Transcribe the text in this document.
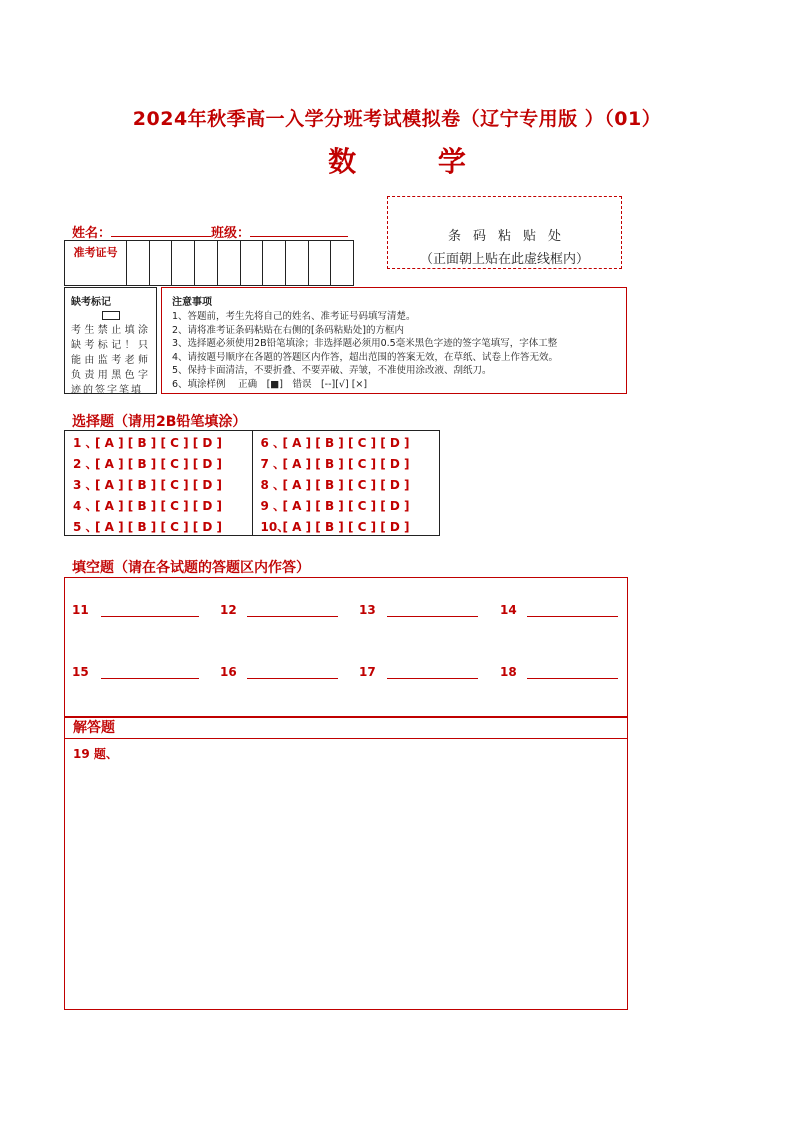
2024年秋季高一入学分班考试模拟卷（辽宁专用版 ）（01）
数 学
姓名：	班级：	条码粘贴处
（正面朝上贴在此虚线框内）
准考证号
缺考标记
考生禁止填涂缺考标记！只能由监考老师负责用黑色字迹的签字笔填
注意事项
1、答题前，考生先将自己的姓名、准考证号码填写清楚。
2、请将准考证条码粘贴在右侧的[条码粘贴处]的方框内
3、选择题必须使用2B铅笔填涂；非选择题必须用0.5毫米黑色字迹的签字笔填写，字体工整
4、请按题号顺序在各题的答题区内作答，超出范围的答案无效，在草纸、试卷上作答无效。
5、保持卡面清洁，不要折叠、不要弄破、弄皱，不准使用涂改液、刮纸刀。
6、填涂样例　 正确　[■]　错误　[--][√] [×]
选择题（请用2B铅笔填涂）
1 、[ A ] [ B ] [ C ] [ D ]
2 、[ A ] [ B ] [ C ] [ D ]
3 、[ A ] [ B ] [ C ] [ D ]
4 、[ A ] [ B ] [ C ] [ D ]
5 、[ A ] [ B ] [ C ] [ D ]
6 、[ A ] [ B ] [ C ] [ D ]
7 、[ A ] [ B ] [ C ] [ D ]
8 、[ A ] [ B ] [ C ] [ D ]
9 、[ A ] [ B ] [ C ] [ D ]
10、[ A ] [ B ] [ C ] [ D ]
填空题（请在各试题的答题区内作答）
11	12	13	14
15	16	17	18
解答题
19 题、
